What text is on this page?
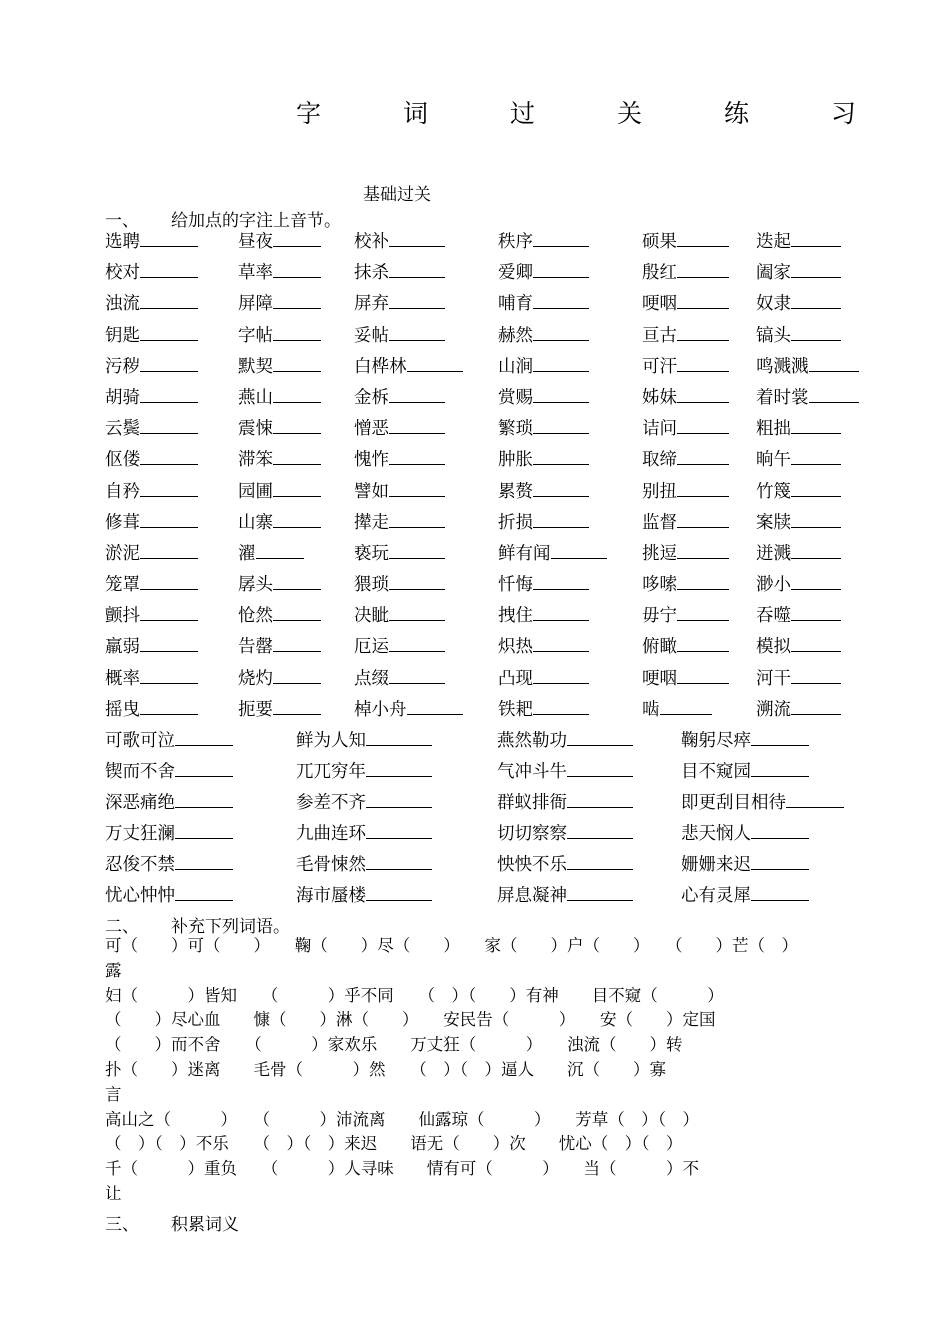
字	词	过	关	练	习
基础过关
一、 给加点的字注上音节。
选聘	昼夜	校补	秩序	硕果	迭起
校对	草率	抹杀	爱卿	殷红	阖家
浊流	屏障	屏弃	哺育	哽咽	奴隶
钥匙	字帖	妥帖	赫然	亘古	镐头
污秽	默契	白桦林	山涧	可汗	鸣溅溅
胡骑	燕山	金柝	赏赐	姊妹	着时裳
云鬓	震悚	憎恶	繁琐	诘问	粗拙
伛偻	滞笨	愧怍	肿胀	取缔	晌午
自矜	园圃	譬如	累赘	别扭	竹篾
修葺	山寨	撵走	折损	监督	案牍
淤泥	濯	亵玩	鲜有闻	挑逗	迸溅
笼罩	孱头	猥琐	忏悔	哆嗦	渺小
颤抖	怆然	决眦	拽住	毋宁	吞噬
羸弱	告罄	厄运	炽热	俯瞰	模拟
概率	烧灼	点缀	凸现	哽咽	河干
摇曳	扼要	棹小舟	铁耙	啮	溯流
可歌可泣	鲜为人知	燕然勒功	鞠躬尽瘁
锲而不舍	兀兀穷年	气冲斗牛	目不窥园
深恶痛绝	参差不齐	群蚁排衙	即更刮目相待
万丈狂澜	九曲连环	切切察察	悲天悯人
忍俊不禁	毛骨悚然	怏怏不乐	姗姗来迟
忧心忡忡	海市蜃楼	屏息凝神	心有灵犀
二、 补充下列词语。
可（　　）可（　　）　　鞠（　　）尽（　　）　　家（　　）户（　　）　　（　　）芒（　）
露
妇（　　　）皆知　　（　　　）乎不同　　（　）（　　）有神　　目不窥（　　　）
（　　）尽心血　　慷（　　）淋（　　）　　安民告（　　　）　　安（　　）定国
（　　）而不舍　　（　　　）家欢乐　　万丈狂（　　　）　　浊流（　　）转
扑（　　）迷离　　毛骨（　　　）然　　（　）（　）逼人　　沉（　　）寡
言
高山之（　　　）　　（　　　）沛流离　　仙露琼（　　　）　　芳草（　）（　）
（　）（　）不乐　　（　）（　）来迟　　语无（　　）次　　忧心（　）（　）
千（　　　）重负　　（　　　）人寻味　　情有可（　　　）　　当（　　　）不
让
三、 积累词义
